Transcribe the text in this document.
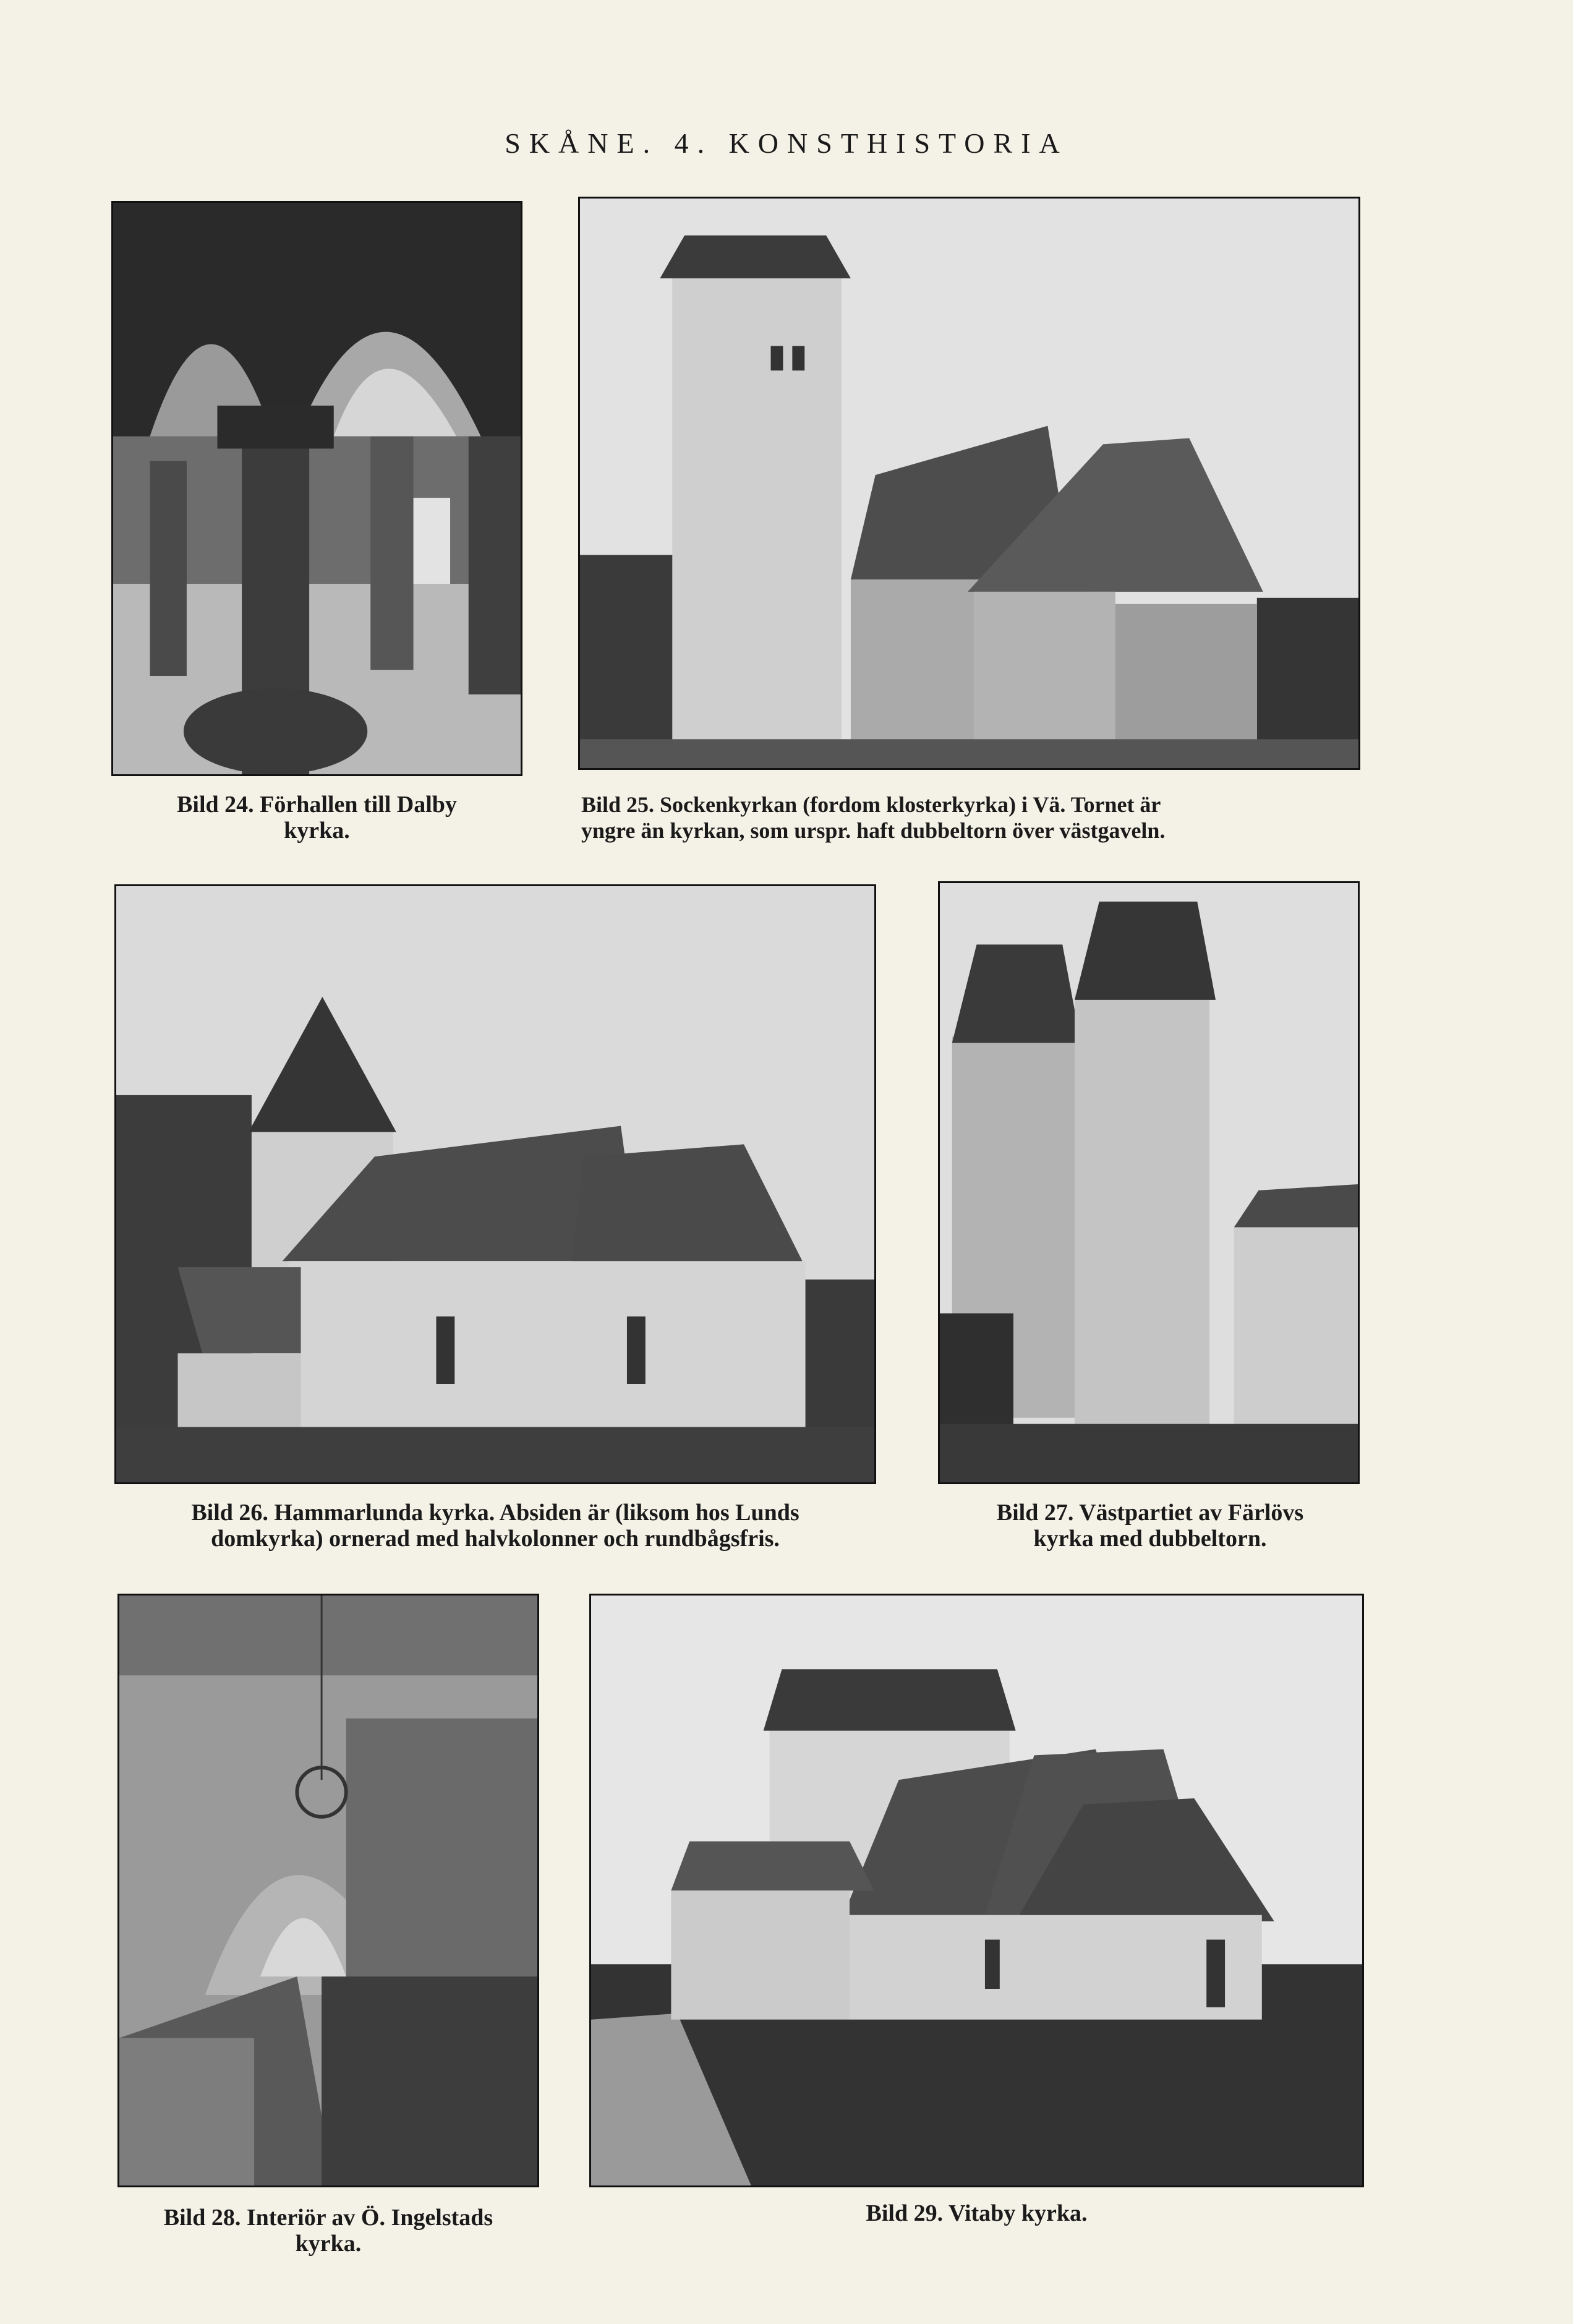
SKÅNE. 4. KONSTHISTORIA
Bild 24. Förhallen till Dalby
kyrka.
Bild 25. Sockenkyrkan (fordom klosterkyrka) i Vä. Tornet är
yngre än kyrkan, som urspr. haft dubbeltorn över västgaveln.
Bild 26. Hammarlunda kyrka. Absiden är (liksom hos Lunds
domkyrka) ornerad med halvkolonner och rundbågsfris.
Bild 27. Västpartiet av Färlövs
kyrka med dubbeltorn.
Bild 28. Interiör av Ö. Ingelstads
kyrka.
Bild 29. Vitaby kyrka.
